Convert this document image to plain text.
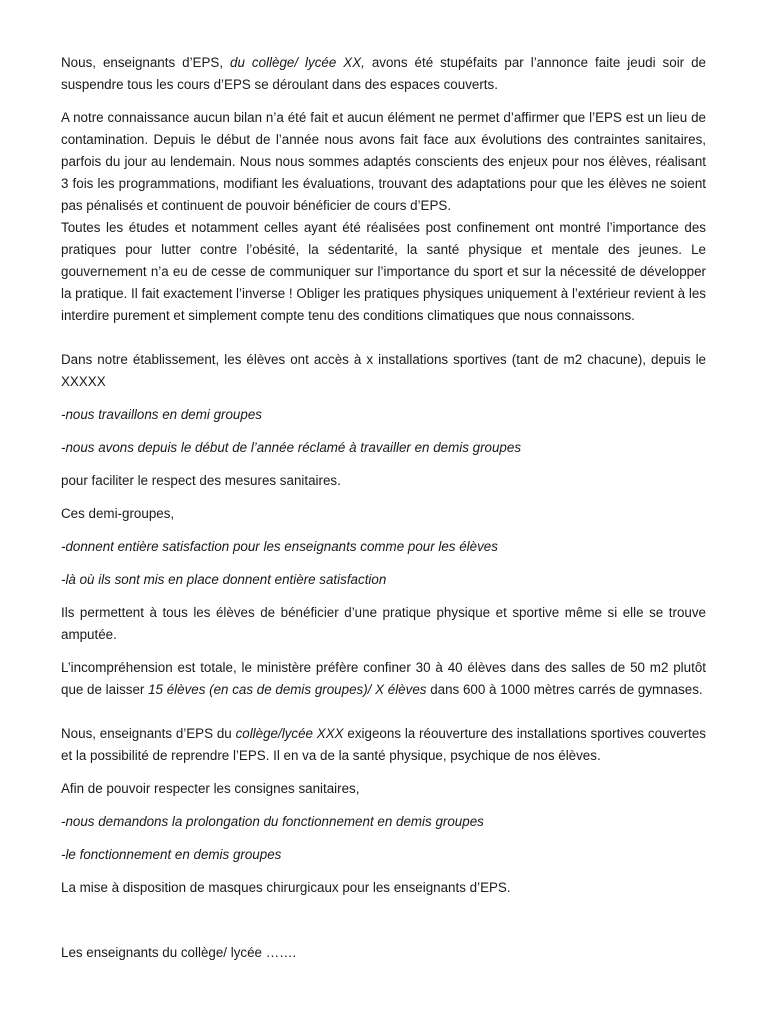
Nous, enseignants d’EPS, du collège/ lycée XX, avons été stupéfaits par l’annonce faite jeudi soir de suspendre tous les cours d’EPS se déroulant dans des espaces couverts.

A notre connaissance aucun bilan n’a été fait et aucun élément ne permet d’affirmer que l’EPS est un lieu de contamination. Depuis le début de l’année nous avons fait face aux évolutions des contraintes sanitaires, parfois du jour au lendemain. Nous nous sommes adaptés conscients des enjeux pour nos élèves, réalisant 3 fois les programmations, modifiant les évaluations, trouvant des adaptations pour que les élèves ne soient pas pénalisés et continuent de pouvoir bénéficier de cours d’EPS.

Toutes les études et notamment celles ayant été réalisées post confinement ont montré l’importance des pratiques pour lutter contre l’obésité, la sédentarité, la santé physique et mentale des jeunes. Le gouvernement n’a eu de cesse de communiquer sur l’importance du sport et sur la nécessité de développer la pratique. Il fait exactement l’inverse ! Obliger les pratiques physiques uniquement à l’extérieur revient à les interdire purement et simplement compte tenu des conditions climatiques que nous connaissons.

Dans notre établissement, les élèves ont accès à x installations sportives (tant de m2 chacune), depuis le XXXXX

-nous travaillons en demi groupes

-nous avons depuis le début de l’année réclamé à travailler en demis groupes

pour faciliter le respect des mesures sanitaires.

Ces demi-groupes,

-donnent entière satisfaction pour les enseignants comme pour les élèves

-là où ils sont mis en place donnent entière satisfaction

Ils permettent à tous les élèves de bénéficier d’une pratique physique et sportive même si elle se trouve amputée.

L’incompréhension est totale, le ministère préfère confiner 30 à 40 élèves dans des salles de 50 m2 plutôt que de laisser 15 élèves (en cas de demis groupes)/ X élèves dans 600 à 1000 mètres carrés de gymnases.

Nous, enseignants d’EPS du collège/lycée XXX exigeons la réouverture des installations sportives couvertes et la possibilité de reprendre l’EPS. Il en va de la santé physique, psychique de nos élèves.

Afin de pouvoir respecter les consignes sanitaires,

-nous demandons la prolongation du fonctionnement en demis groupes

-le fonctionnement en demis groupes

La mise à disposition de masques chirurgicaux pour les enseignants d’EPS.

Les enseignants du collège/ lycée …….
